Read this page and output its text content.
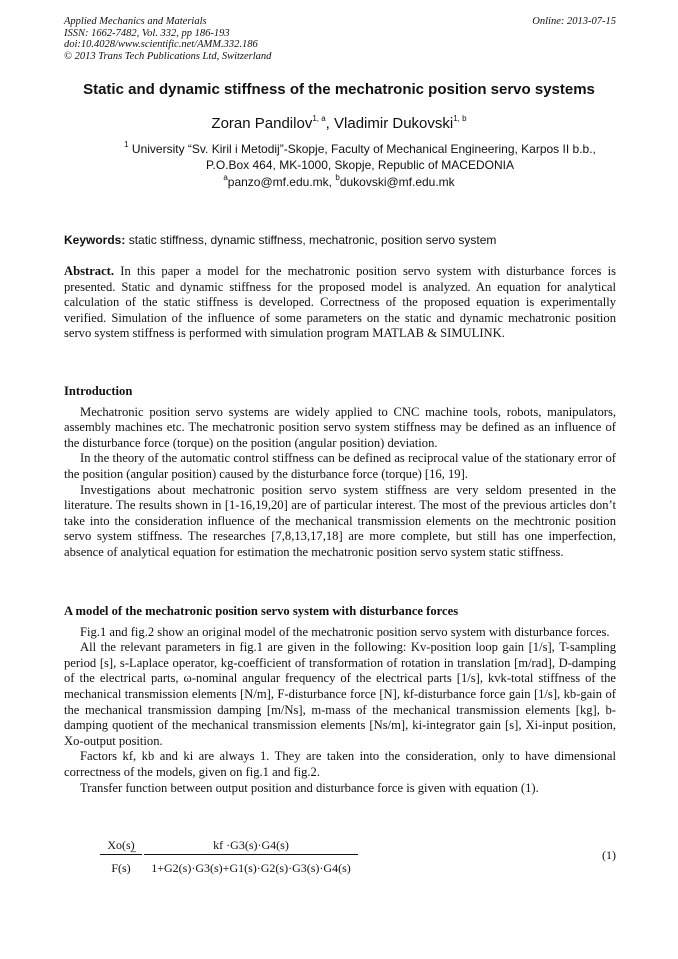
Applied Mechanics and Materials
ISSN: 1662-7482, Vol. 332, pp 186-193
doi:10.4028/www.scientific.net/AMM.332.186
© 2013 Trans Tech Publications Ltd, Switzerland
Online: 2013-07-15
Static and dynamic stiffness of the mechatronic position servo systems
Zoran Pandilov$^{1, a}$, Vladimir Dukovski$^{1, b}$
$^1$ University “Sv. Kiril i Metodij”-Skopje, Faculty of Mechanical Engineering, Karpos II b.b.,
P.O.Box 464, MK-1000, Skopje, Republic of MACEDONIA
$^a$panzo@mf.edu.mk, $^b$dukovski@mf.edu.mk
Keywords: static stiffness, dynamic stiffness, mechatronic, position servo system

Abstract. In this paper a model for the mechatronic position servo system with disturbance forces is presented. Static and dynamic stiffness for the proposed model is analyzed. An equation for analytical calculation of the static stiffness is developed. Correctness of the proposed equation is experimentally verified. Simulation of the influence of some parameters on the static and dynamic mechatronic position servo system stiffness is performed with simulation program MATLAB & SIMULINK.

Introduction

Mechatronic position servo systems are widely applied to CNC machine tools, robots, manipulators, assembly machines etc. The mechatronic position servo system stiffness may be defined as an influence of the disturbance force (torque) on the position (angular position) deviation.

In the theory of the automatic control stiffness can be defined as reciprocal value of the stationary error of the position (angular position) caused by the disturbance force (torque) [16, 19].

Investigations about mechatronic position servo system stiffness are very seldom presented in the literature. The results shown in [1-16,19,20] are of particular interest. The most of the previous articles don’t take into the consideration influence of the mechanical transmission elements on the mechtronic position servo system stiffness. The researches [7,8,13,17,18] are more complete, but still has one imperfection, absence of analytical equation for estimation the mechatronic position servo system static stiffness.

A model of the mechatronic position servo system with disturbance forces

Fig.1 and fig.2 show an original model of the mechatronic position servo system with disturbance forces.

All the relevant parameters in fig.1 are given in the following: Kv-position loop gain [1/s], T-sampling period [s], s-Laplace operator, kg-coefficient of transformation of rotation in translation [m/rad], D-damping of the electrical parts, ω-nominal angular frequency of the electrical parts [1/s], kvk-total stiffness of the mechanical transmission elements [N/m], F-disturbance force [N], kf-disturbance force gain [1/s], kb-gain of the mechanical transmission damping [m/Ns], m-mass of the mechanical transmission elements [kg], b-damping quotient of the mechanical transmission elements [Ns/m], ki-integrator gain [s], Xi-input position, Xo-output position.

Factors kf, kb and ki are always 1. They are taken into the consideration, only to have dimensional correctness of the models, given on fig.1 and fig.2.

Transfer function between output position and disturbance force is given with equation (1).

Xo(s)
F(s)
=
kf ·G3(s)·G4(s)
1+G2(s)·G3(s)+G1(s)·G2(s)·G3(s)·G4(s)
(1)
